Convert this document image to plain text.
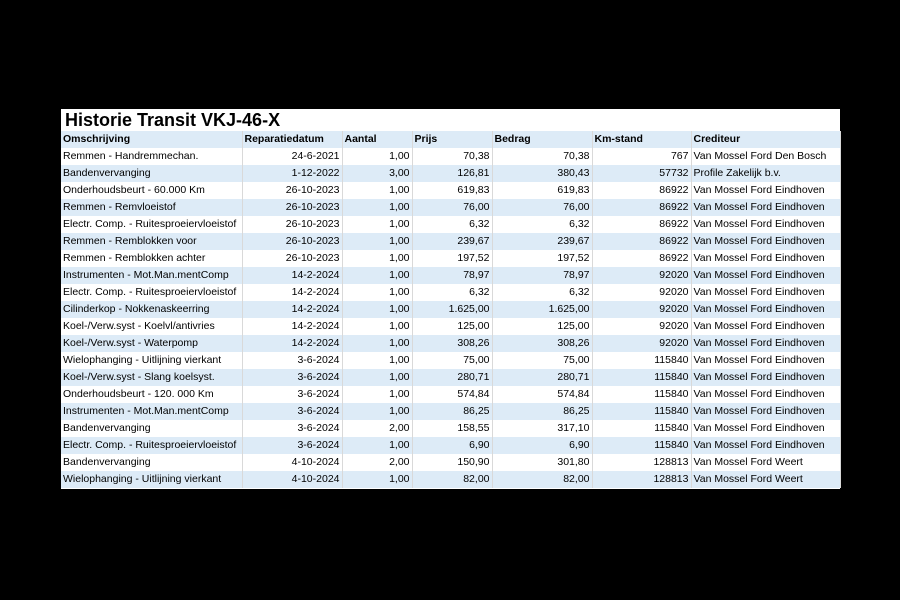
Historie Transit VKJ-46-X
Omschrijving	Reparatiedatum	Aantal	Prijs	Bedrag	Km-stand	Crediteur
Remmen - Handremmechan.	24-6-2021	1,00	70,38	70,38	767	Van Mossel Ford Den Bosch
Bandenvervanging	1-12-2022	3,00	126,81	380,43	57732	Profile Zakelijk b.v.
Onderhoudsbeurt - 60.000 Km	26-10-2023	1,00	619,83	619,83	86922	Van Mossel Ford Eindhoven
Remmen - Remvloeistof	26-10-2023	1,00	76,00	76,00	86922	Van Mossel Ford Eindhoven
Electr. Comp. - Ruitesproeiervloeistof	26-10-2023	1,00	6,32	6,32	86922	Van Mossel Ford Eindhoven
Remmen - Remblokken voor	26-10-2023	1,00	239,67	239,67	86922	Van Mossel Ford Eindhoven
Remmen - Remblokken achter	26-10-2023	1,00	197,52	197,52	86922	Van Mossel Ford Eindhoven
Instrumenten - Mot.Man.mentComp	14-2-2024	1,00	78,97	78,97	92020	Van Mossel Ford Eindhoven
Electr. Comp. - Ruitesproeiervloeistof	14-2-2024	1,00	6,32	6,32	92020	Van Mossel Ford Eindhoven
Cilinderkop - Nokkenaskeerring	14-2-2024	1,00	1.625,00	1.625,00	92020	Van Mossel Ford Eindhoven
Koel-/Verw.syst - Koelvl/antivries	14-2-2024	1,00	125,00	125,00	92020	Van Mossel Ford Eindhoven
Koel-/Verw.syst - Waterpomp	14-2-2024	1,00	308,26	308,26	92020	Van Mossel Ford Eindhoven
Wielophanging - Uitlijning vierkant	3-6-2024	1,00	75,00	75,00	115840	Van Mossel Ford Eindhoven
Koel-/Verw.syst - Slang koelsyst.	3-6-2024	1,00	280,71	280,71	115840	Van Mossel Ford Eindhoven
Onderhoudsbeurt - 120. 000 Km	3-6-2024	1,00	574,84	574,84	115840	Van Mossel Ford Eindhoven
Instrumenten - Mot.Man.mentComp	3-6-2024	1,00	86,25	86,25	115840	Van Mossel Ford Eindhoven
Bandenvervanging	3-6-2024	2,00	158,55	317,10	115840	Van Mossel Ford Eindhoven
Electr. Comp. - Ruitesproeiervloeistof	3-6-2024	1,00	6,90	6,90	115840	Van Mossel Ford Eindhoven
Bandenvervanging	4-10-2024	2,00	150,90	301,80	128813	Van Mossel Ford Weert
Wielophanging - Uitlijning vierkant	4-10-2024	1,00	82,00	82,00	128813	Van Mossel Ford Weert
